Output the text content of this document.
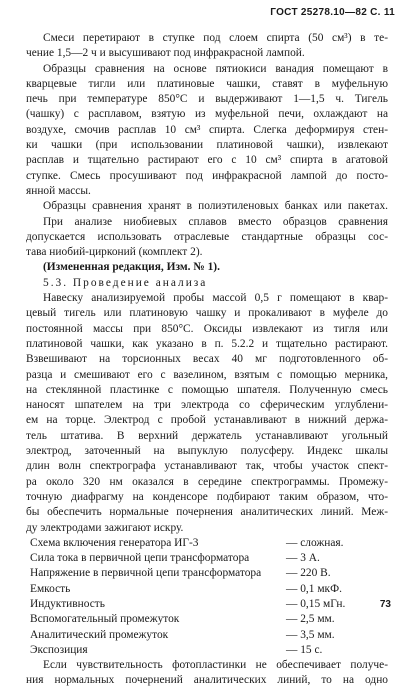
ГОСТ 25278.10—82 С. 11
Смеси перетирают в ступке под слоем спирта (50 см³) в те-
чение 1,5—2 ч и высушивают под инфракрасной лампой.
Образцы сравнения на основе пятиокиси ванадия помещают в
кварцевые тигли или платиновые чашки, ставят в муфельную
печь при температуре 850°С и выдерживают 1—1,5 ч. Тигель
(чашку) с расплавом, взятую из муфельной печи, охлаждают на
воздухе, смочив расплав 10 см³ спирта. Слегка деформируя стен-
ки чашки (при использовании платиновой чашки), извлекают
расплав и тщательно растирают его с 10 см³ спирта в агатовой
ступке. Смесь просушивают под инфракрасной лампой до посто-
янной массы.
Образцы сравнения хранят в полиэтиленовых банках или пакетах.
При анализе ниобиевых сплавов вместо образцов сравнения
допускается использовать отраслевые стандартные образцы сос-
тава ниобий-цирконий (комплект 2).
(Измененная редакция, Изм. № 1).
5.3. Проведение анализа
Навеску анализируемой пробы массой 0,5 г помещают в квар-
цевый тигель или платиновую чашку и прокаливают в муфеле до
постоянной массы при 850°С. Оксиды извлекают из тигля или
платиновой чашки, как указано в п. 5.2.2 и тщательно растирают.
Взвешивают на торсионных весах 40 мг подготовленного об-
разца и смешивают его с вазелином, взятым с помощью мерника,
на стеклянной пластинке с помощью шпателя. Полученную смесь
наносят шпателем на три электрода со сферическим углублени-
ем на торце. Электрод с пробой устанавливают в нижний держа-
тель штатива. В верхний держатель устанавливают угольный
электрод, заточенный на выпуклую полусферу. Индекс шкалы
длин волн спектрографа устанавливают так, чтобы участок спект-
ра около 320 нм оказался в середине спектрограммы. Промежу-
точную диафрагму на конденсоре подбирают таким образом, что-
бы обеспечить нормальные почернения аналитических линий. Меж-
ду электродами зажигают искру.
Схема включения генератора ИГ-3	— сложная.
Сила тока в первичной цепи трансформатора	— 3 А.
Напряжение в первичной цепи трансформатора — 220 В.
Емкость	— 0,1 мкФ.
Индуктивность	— 0,15 мГн.
Вспомогательный промежуток	— 2,5 мм.
Аналитический промежуток	— 3,5 мм.
Экспозиция	— 15 с.
Если чувствительность фотопластинки не обеспечивает получе-
ния нормальных почернений аналитических линий, то на одно
73
